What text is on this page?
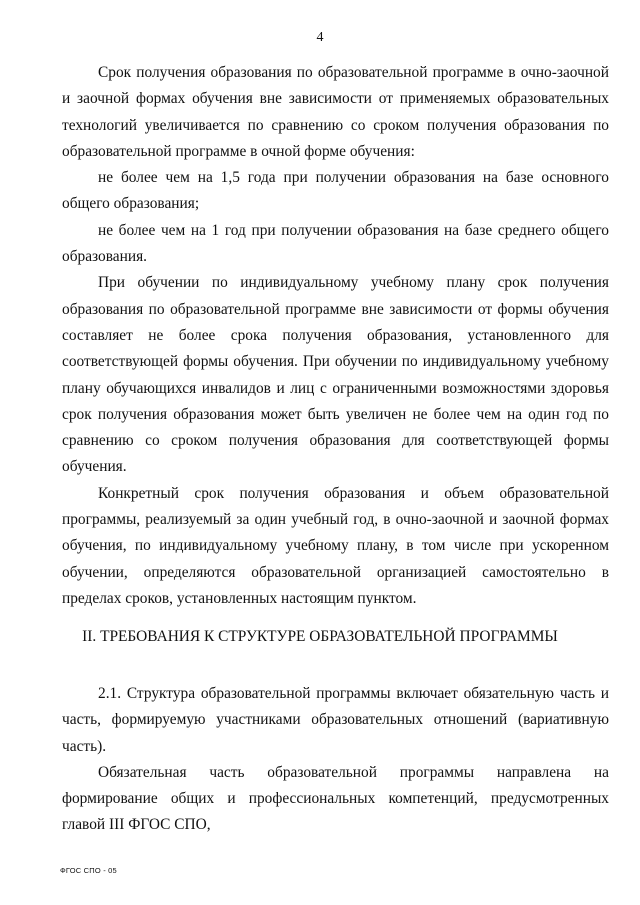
4

Срок получения образования по образовательной программе в очно-заочной и заочной формах обучения вне зависимости от применяемых образовательных технологий увеличивается по сравнению со сроком получения образования по образовательной программе в очной форме обучения:

не более чем на 1,5 года при получении образования на базе основного общего образования;

не более чем на 1 год при получении образования на базе среднего общего образования.

При обучении по индивидуальному учебному плану срок получения образования по образовательной программе вне зависимости от формы обучения составляет не более срока получения образования, установленного для соответствующей формы обучения. При обучении по индивидуальному учебному плану обучающихся инвалидов и лиц с ограниченными возможностями здоровья срок получения образования может быть увеличен не более чем на один год по сравнению со сроком получения образования для соответствующей формы обучения.

Конкретный срок получения образования и объем образовательной программы, реализуемый за один учебный год, в очно-заочной и заочной формах обучения, по индивидуальному учебному плану, в том числе при ускоренном обучении, определяются образовательной организацией самостоятельно в пределах сроков, установленных настоящим пунктом.

II. ТРЕБОВАНИЯ К СТРУКТУРЕ ОБРАЗОВАТЕЛЬНОЙ ПРОГРАММЫ

2.1. Структура образовательной программы включает обязательную часть и часть, формируемую участниками образовательных отношений (вариативную часть).

Обязательная часть образовательной программы направлена на формирование общих и профессиональных компетенций, предусмотренных главой III ФГОС СПО,

ФГОС СПО - 05
